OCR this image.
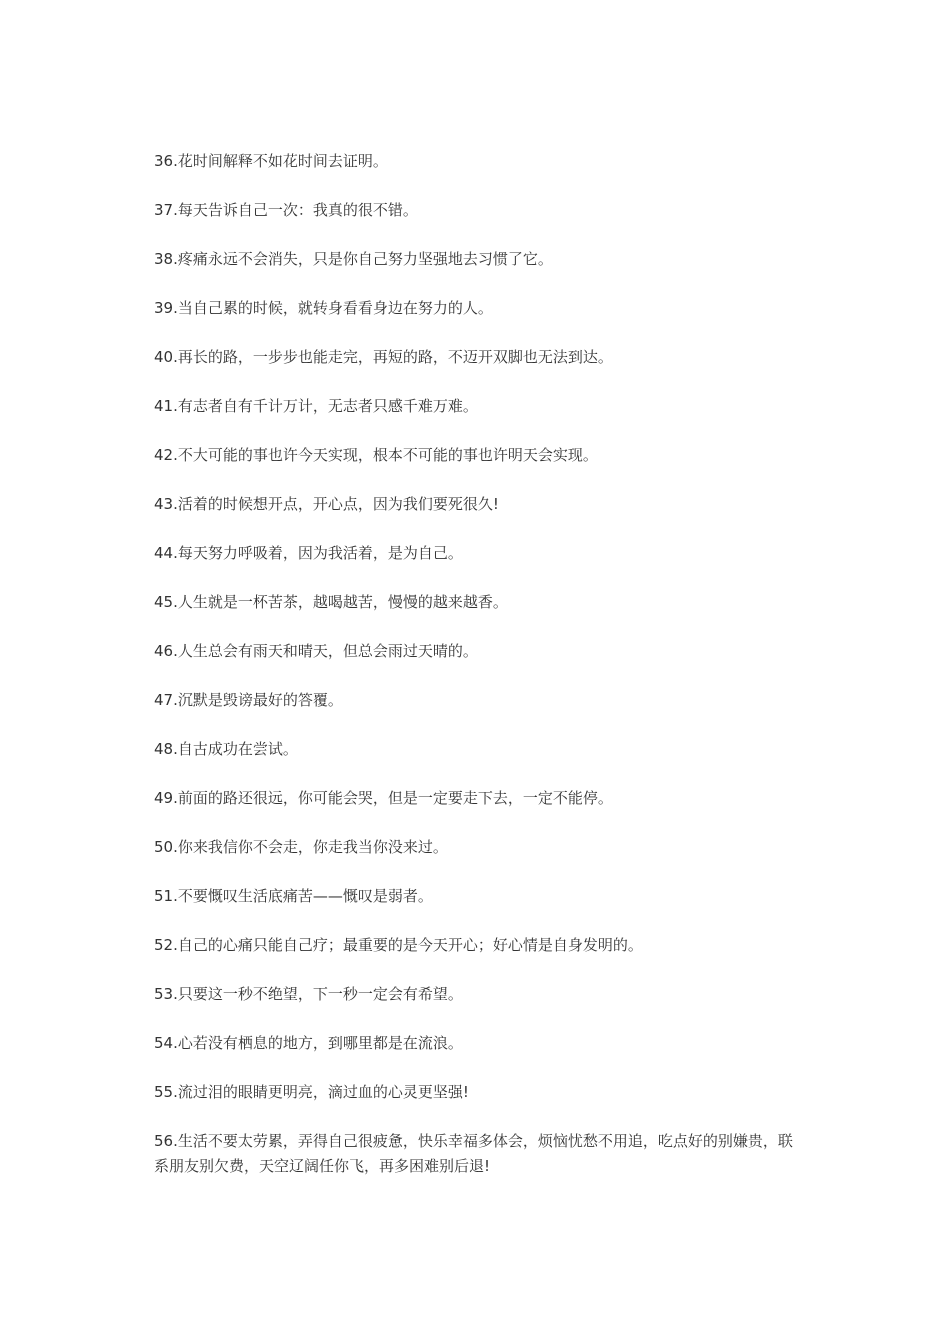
36.花时间解释不如花时间去证明。

37.每天告诉自己一次：我真的很不错。

38.疼痛永远不会消失，只是你自己努力坚强地去习惯了它。

39.当自己累的时候，就转身看看身边在努力的人。

40.再长的路，一步步也能走完，再短的路，不迈开双脚也无法到达。

41.有志者自有千计万计，无志者只感千难万难。

42.不大可能的事也许今天实现，根本不可能的事也许明天会实现。

43.活着的时候想开点，开心点，因为我们要死很久!

44.每天努力呼吸着，因为我活着，是为自己。

45.人生就是一杯苦茶，越喝越苦，慢慢的越来越香。

46.人生总会有雨天和晴天，但总会雨过天晴的。

47.沉默是毁谤最好的答覆。

48.自古成功在尝试。

49.前面的路还很远，你可能会哭，但是一定要走下去，一定不能停。

50.你来我信你不会走，你走我当你没来过。

51.不要慨叹生活底痛苦——慨叹是弱者。

52.自己的心痛只能自己疗；最重要的是今天开心；好心情是自身发明的。

53.只要这一秒不绝望，下一秒一定会有希望。

54.心若没有栖息的地方，到哪里都是在流浪。

55.流过泪的眼睛更明亮，滴过血的心灵更坚强!

56.生活不要太劳累，弄得自己很疲惫，快乐幸福多体会，烦恼忧愁不用追，吃点好的别嫌贵，联系朋友别欠费，天空辽阔任你飞，再多困难别后退!
